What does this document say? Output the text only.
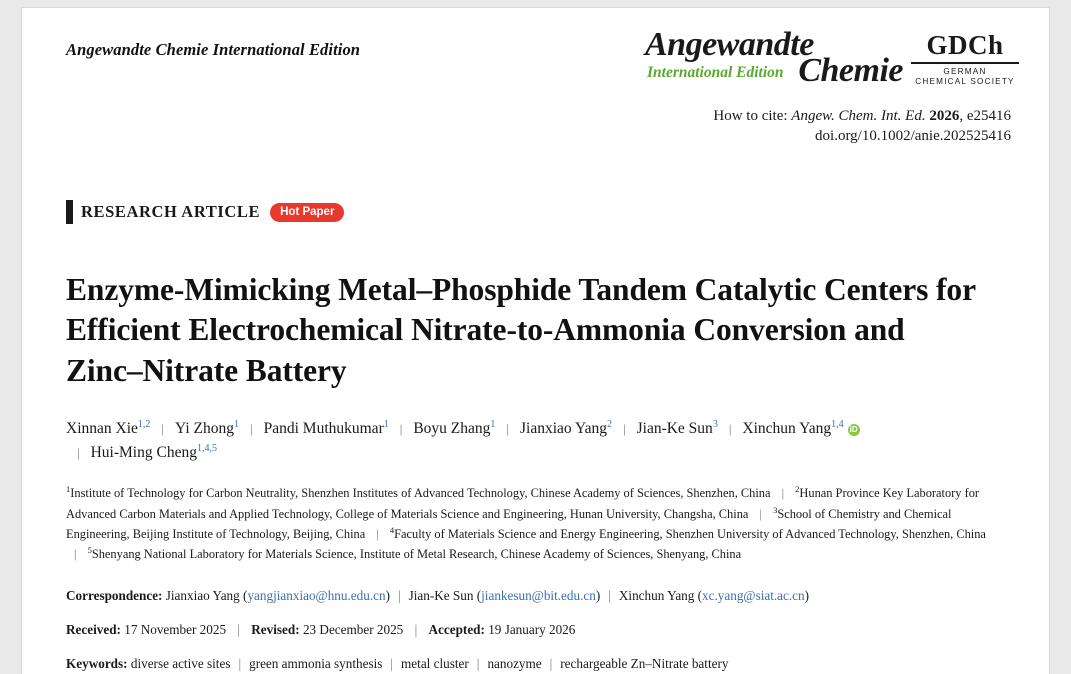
Angewandte Chemie International Edition	Angewandte
International Edition Chemie
GDCh
GERMAN
CHEMICAL SOCIETY
How to cite: Angew. Chem. Int. Ed. 2026, e25416
doi.org/10.1002/anie.202525416
RESEARCH ARTICLE	Hot Paper
Enzyme-Mimicking Metal–Phosphide Tandem Catalytic Centers for Efficient Electrochemical Nitrate-to-Ammonia Conversion and Zinc–Nitrate Battery
Xinnan Xie$^{1,2}$ | Yi Zhong$^1$ | Pandi Muthukumar$^1$ | Boyu Zhang$^1$ | Jianxiao Yang$^2$ | Jian-Ke Sun$^3$ | Xinchun Yang$^{1,4}$ iD| Hui-Ming Cheng$^{1,4,5}$
$^1$Institute of Technology for Carbon Neutrality, Shenzhen Institutes of Advanced Technology, Chinese Academy of Sciences, Shenzhen, China | $^2$Hunan Province Key Laboratory for Advanced Carbon Materials and Applied Technology, College of Materials Science and Engineering, Hunan University, Changsha, China | $^3$School of Chemistry and Chemical Engineering, Beijing Institute of Technology, Beijing, China | $^4$Faculty of Materials Science and Energy Engineering, Shenzhen University of Advanced Technology, Shenzhen, China | $^5$Shenyang National Laboratory for Materials Science, Institute of Metal Research, Chinese Academy of Sciences, Shenyang, China
Correspondence: Jianxiao Yang (yangjianxiao@hnu.edu.cn) | Jian-Ke Sun (jiankesun@bit.edu.cn) | Xinchun Yang (xc.yang@siat.ac.cn)
Received: 17 November 2025 | Revised: 23 December 2025 | Accepted: 19 January 2026
Keywords: diverse active sites | green ammonia synthesis | metal cluster | nanozyme | rechargeable Zn–Nitrate battery
